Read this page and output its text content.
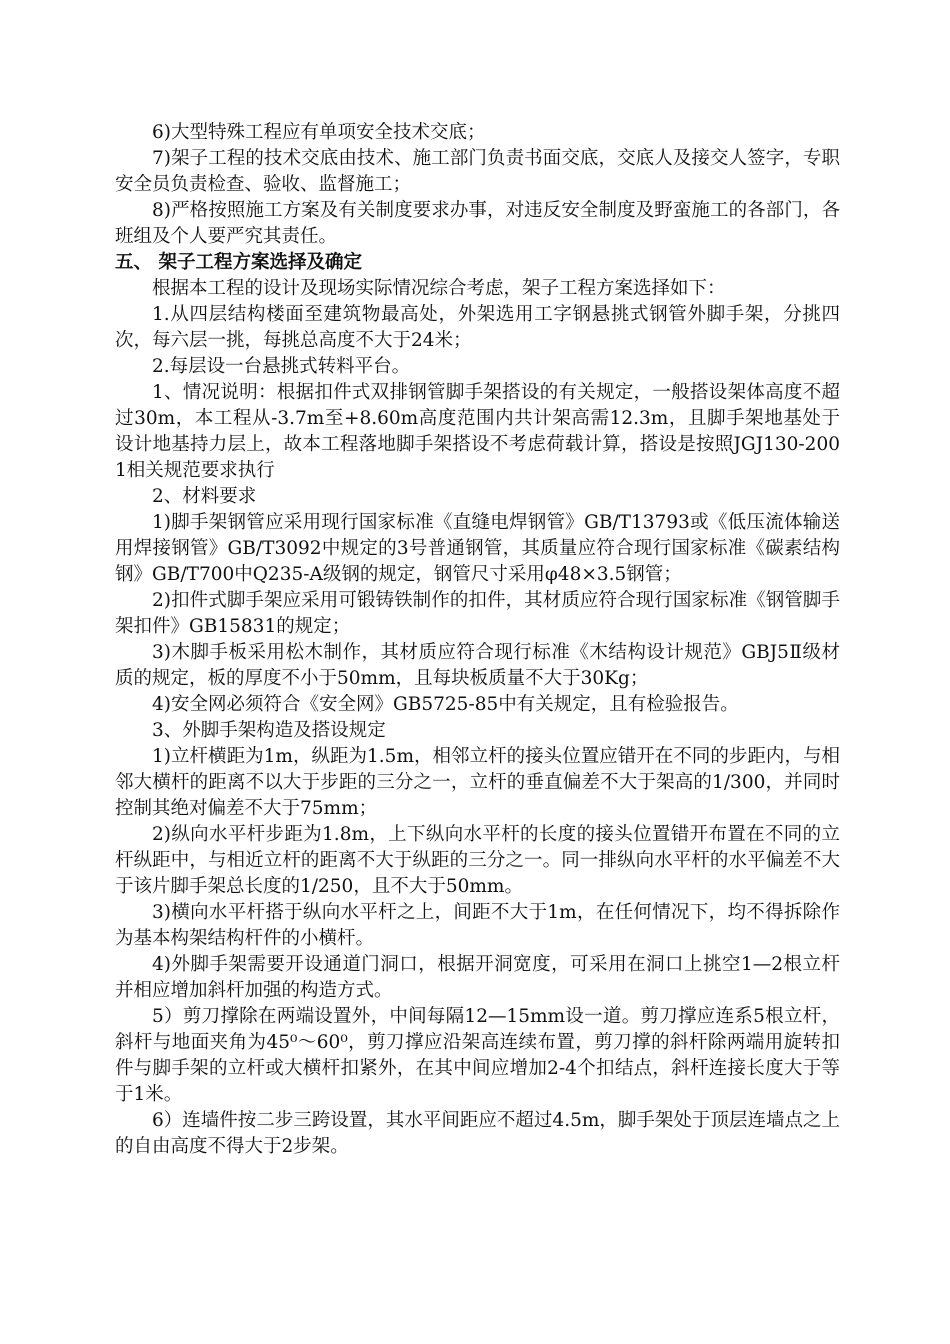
6)大型特殊工程应有单项安全技术交底；

7)架子工程的技术交底由技术、施工部门负责书面交底，交底人及接交人签字，专职安全员负责检查、验收、监督施工；

8)严格按照施工方案及有关制度要求办事，对违反安全制度及野蛮施工的各部门，各班组及个人要严究其责任。

五、 架子工程方案选择及确定

根据本工程的设计及现场实际情况综合考虑，架子工程方案选择如下：

1.从四层结构楼面至建筑物最高处，外架选用工字钢悬挑式钢管外脚手架，分挑四次，每六层一挑，每挑总高度不大于24米；

2.每层设一台悬挑式转料平台。

1、情况说明：根据扣件式双排钢管脚手架搭设的有关规定，一般搭设架体高度不超过30m，本工程从-3.7m至+8.60m高度范围内共计架高需12.3m，且脚手架地基处于设计地基持力层上，故本工程落地脚手架搭设不考虑荷载计算，搭设是按照JGJ130-2001相关规范要求执行

2、材料要求

1)脚手架钢管应采用现行国家标准《直缝电焊钢管》GB/T13793或《低压流体输送用焊接钢管》GB/T3092中规定的3号普通钢管，其质量应符合现行国家标准《碳素结构钢》GB/T700中Q235-A级钢的规定，钢管尺寸采用φ48×3.5钢管；

2)扣件式脚手架应采用可锻铸铁制作的扣件，其材质应符合现行国家标准《钢管脚手架扣件》GB15831的规定；

3)木脚手板采用松木制作，其材质应符合现行标准《木结构设计规范》GBJ5Ⅱ级材质的规定，板的厚度不小于50mm，且每块板质量不大于30Kg；

4)安全网必须符合《安全网》GB5725-85中有关规定，且有检验报告。

3、外脚手架构造及搭设规定

1)立杆横距为1m，纵距为1.5m，相邻立杆的接头位置应错开在不同的步距内，与相邻大横杆的距离不以大于步距的三分之一，立杆的垂直偏差不大于架高的1/300，并同时控制其绝对偏差不大于75mm；

2)纵向水平杆步距为1.8m，上下纵向水平杆的长度的接头位置错开布置在不同的立杆纵距中，与相近立杆的距离不大于纵距的三分之一。同一排纵向水平杆的水平偏差不大于该片脚手架总长度的1/250，且不大于50mm。

3)横向水平杆搭于纵向水平杆之上，间距不大于1m，在任何情况下，均不得拆除作为基本构架结构杆件的小横杆。

4)外脚手架需要开设通道门洞口，根据开洞宽度，可采用在洞口上挑空1—2根立杆并相应增加斜杆加强的构造方式。

5）剪刀撑除在两端设置外，中间每隔12—15mm设一道。剪刀撑应连系5根立杆，斜杆与地面夹角为45⁰～60⁰，剪刀撑应沿架高连续布置，剪刀撑的斜杆除两端用旋转扣件与脚手架的立杆或大横杆扣紧外，在其中间应增加2-4个扣结点，斜杆连接长度大于等于1米。

6）连墙件按二步三跨设置，其水平间距应不超过4.5m，脚手架处于顶层连墙点之上的自由高度不得大于2步架。
